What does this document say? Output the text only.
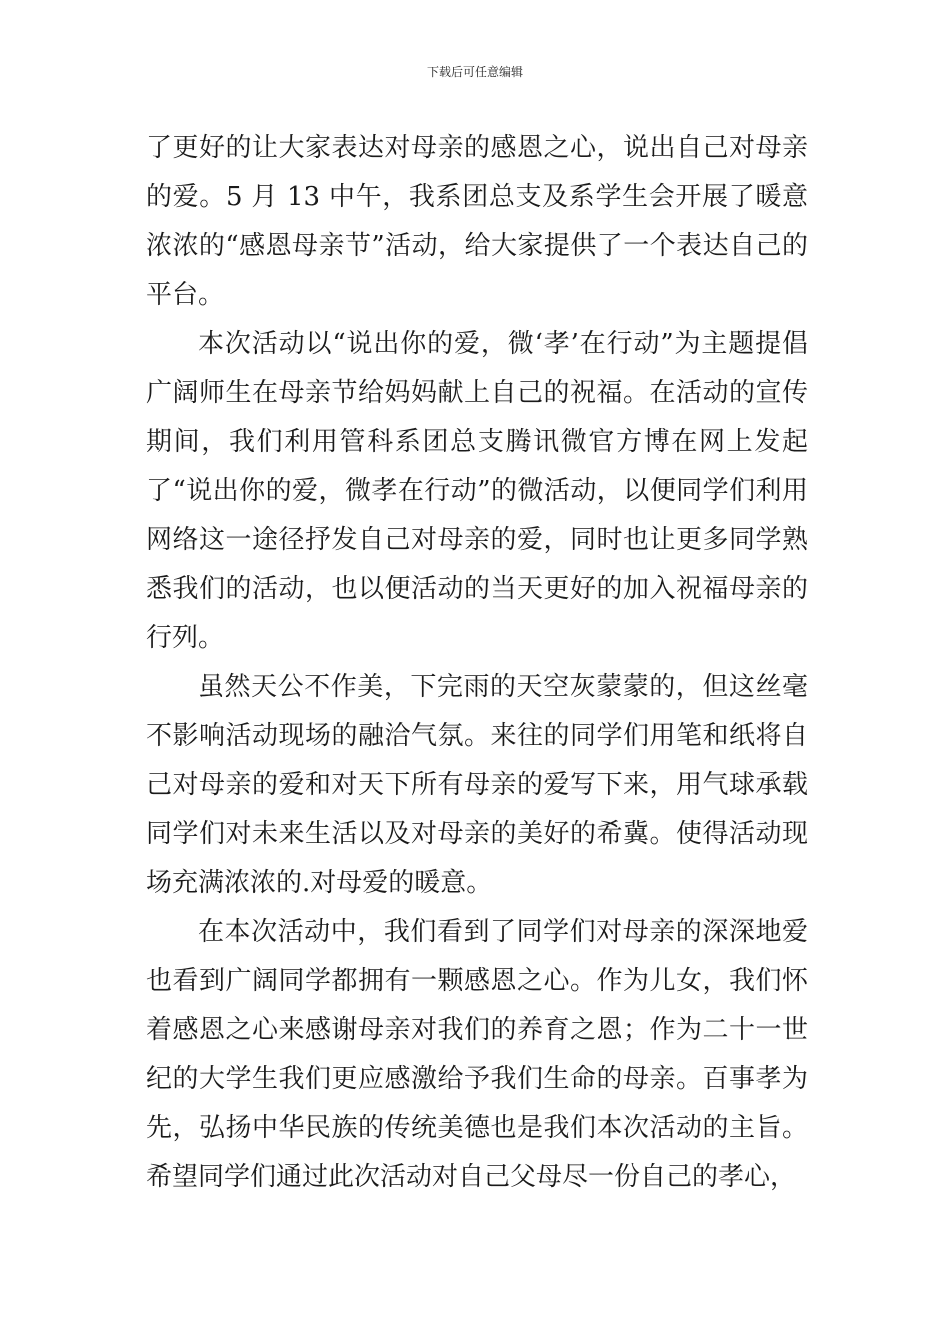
下载后可任意编辑

了更好的让大家表达对母亲的感恩之心，说出自己对母亲的爱。5 月 13 中午，我系团总支及系学生会开展了暖意浓浓的“感恩母亲节”活动，给大家提供了一个表达自己的平台。

本次活动以“说出你的爱，微‘孝’在行动”为主题提倡广阔师生在母亲节给妈妈献上自己的祝福。在活动的宣传期间，我们利用管科系团总支腾讯微官方博在网上发起了“说出你的爱，微孝在行动”的微活动，以便同学们利用网络这一途径抒发自己对母亲的爱，同时也让更多同学熟悉我们的活动，也以便活动的当天更好的加入祝福母亲的行列。

虽然天公不作美，下完雨的天空灰蒙蒙的，但这丝毫不影响活动现场的融洽气氛。来往的同学们用笔和纸将自己对母亲的爱和对天下所有母亲的爱写下来，用气球承载同学们对未来生活以及对母亲的美好的希冀。使得活动现场充满浓浓的.对母爱的暖意。

在本次活动中，我们看到了同学们对母亲的深深地爱也看到广阔同学都拥有一颗感恩之心。作为儿女，我们怀着感恩之心来感谢母亲对我们的养育之恩；作为二十一世纪的大学生我们更应感激给予我们生命的母亲。百事孝为先，弘扬中华民族的传统美德也是我们本次活动的主旨。希望同学们通过此次活动对自己父母尽一份自己的孝心，
